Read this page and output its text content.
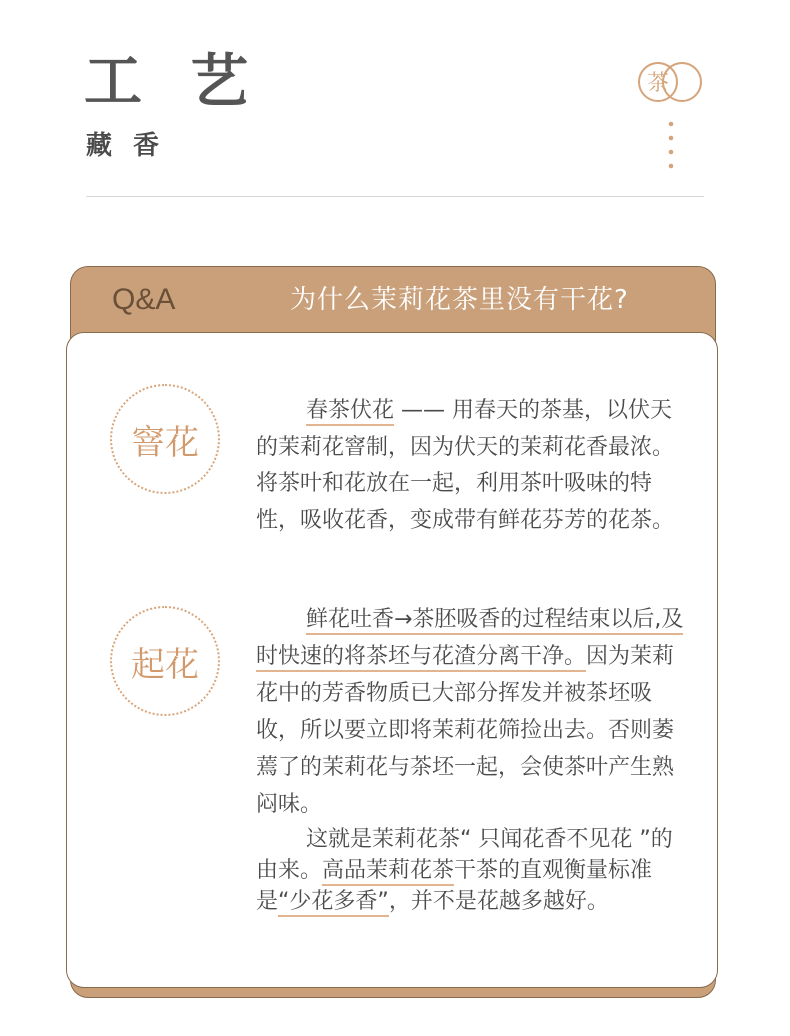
工 艺
藏 香
茶
Q&A	为什么茉莉花茶里没有干花?
窨花
起花

春茶伏花 —— 用春天的茶基，以伏天的茉莉花窨制，因为伏天的茉莉花香最浓。将茶叶和花放在一起，利用茶叶吸味的特性，吸收花香，变成带有鲜花芬芳的花茶。

鲜花吐香→茶胚吸香的过程结束以后,及时快速的将茶坯与花渣分离干净。因为茉莉花中的芳香物质已大部分挥发并被茶坯吸收，所以要立即将茉莉花筛捡出去。否则萎蔫了的茉莉花与茶坯一起，会使茶叶产生熟闷味。

这就是茉莉花茶“ 只闻花香不见花 ”的由来。高品茉莉花茶干茶的直观衡量标准是“少花多香”，并不是花越多越好。
